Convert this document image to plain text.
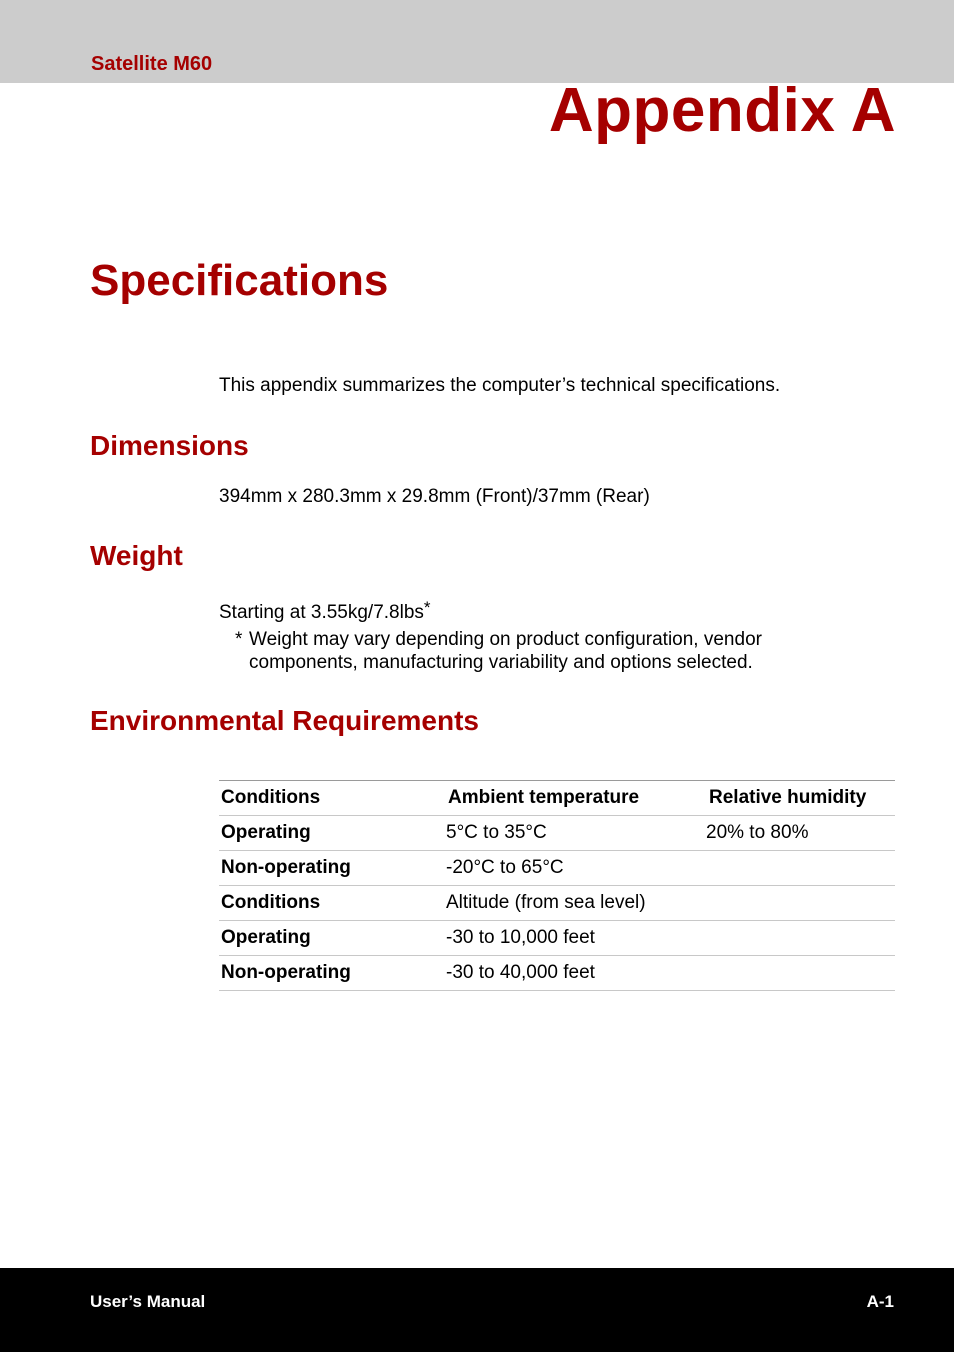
Satellite M60
Appendix A
Specifications
This appendix summarizes the computer’s technical specifications.
Dimensions
394mm x 280.3mm x 29.8mm (Front)/37mm (Rear)
Weight
Starting at 3.55kg/7.8lbs*
* Weight may vary depending on product configuration, vendor components, manufacturing variability and options selected.
Environmental Requirements
Conditions	Ambient temperature	Relative humidity
Operating	5°C to 35°C	20% to 80%
Non-operating	-20°C to 65°C	
Conditions	Altitude (from sea level)	
Operating	-30 to 10,000 feet	
Non-operating	-30 to 40,000 feet	
User’s Manual	A-1
